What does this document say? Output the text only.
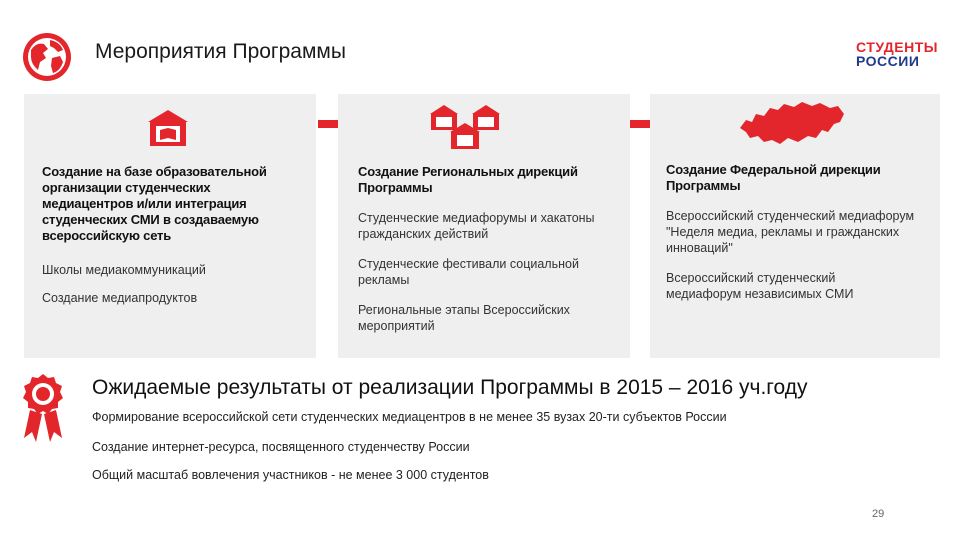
Мероприятия Программы	СТУДЕНТЫ
РОССИИ
Создание на базе образовательной организации студенческих медиацентров и/или интеграция студенческих СМИ в создаваемую всероссийскую сеть
Школы медиакоммуникаций
Создание медиапродуктов
Создание Региональных дирекций Программы
Студенческие медиафорумы и хакатоны гражданских действий
Студенческие фестивали социальной рекламы
Региональные этапы Всероссийских мероприятий
Создание Федеральной дирекции Программы
Всероссийский студенческий медиафорум "Неделя медиа, рекламы и гражданских инноваций"
Всероссийский студенческий медиафорум независимых СМИ
Ожидаемые результаты от реализации Программы в 2015 – 2016 уч.году
Формирование всероссийской сети студенческих медиацентров в не менее 35 вузах 20-ти субъектов России
Создание интернет-ресурса, посвященного студенчеству России
Общий масштаб вовлечения участников - не менее 3 000 студентов
29
